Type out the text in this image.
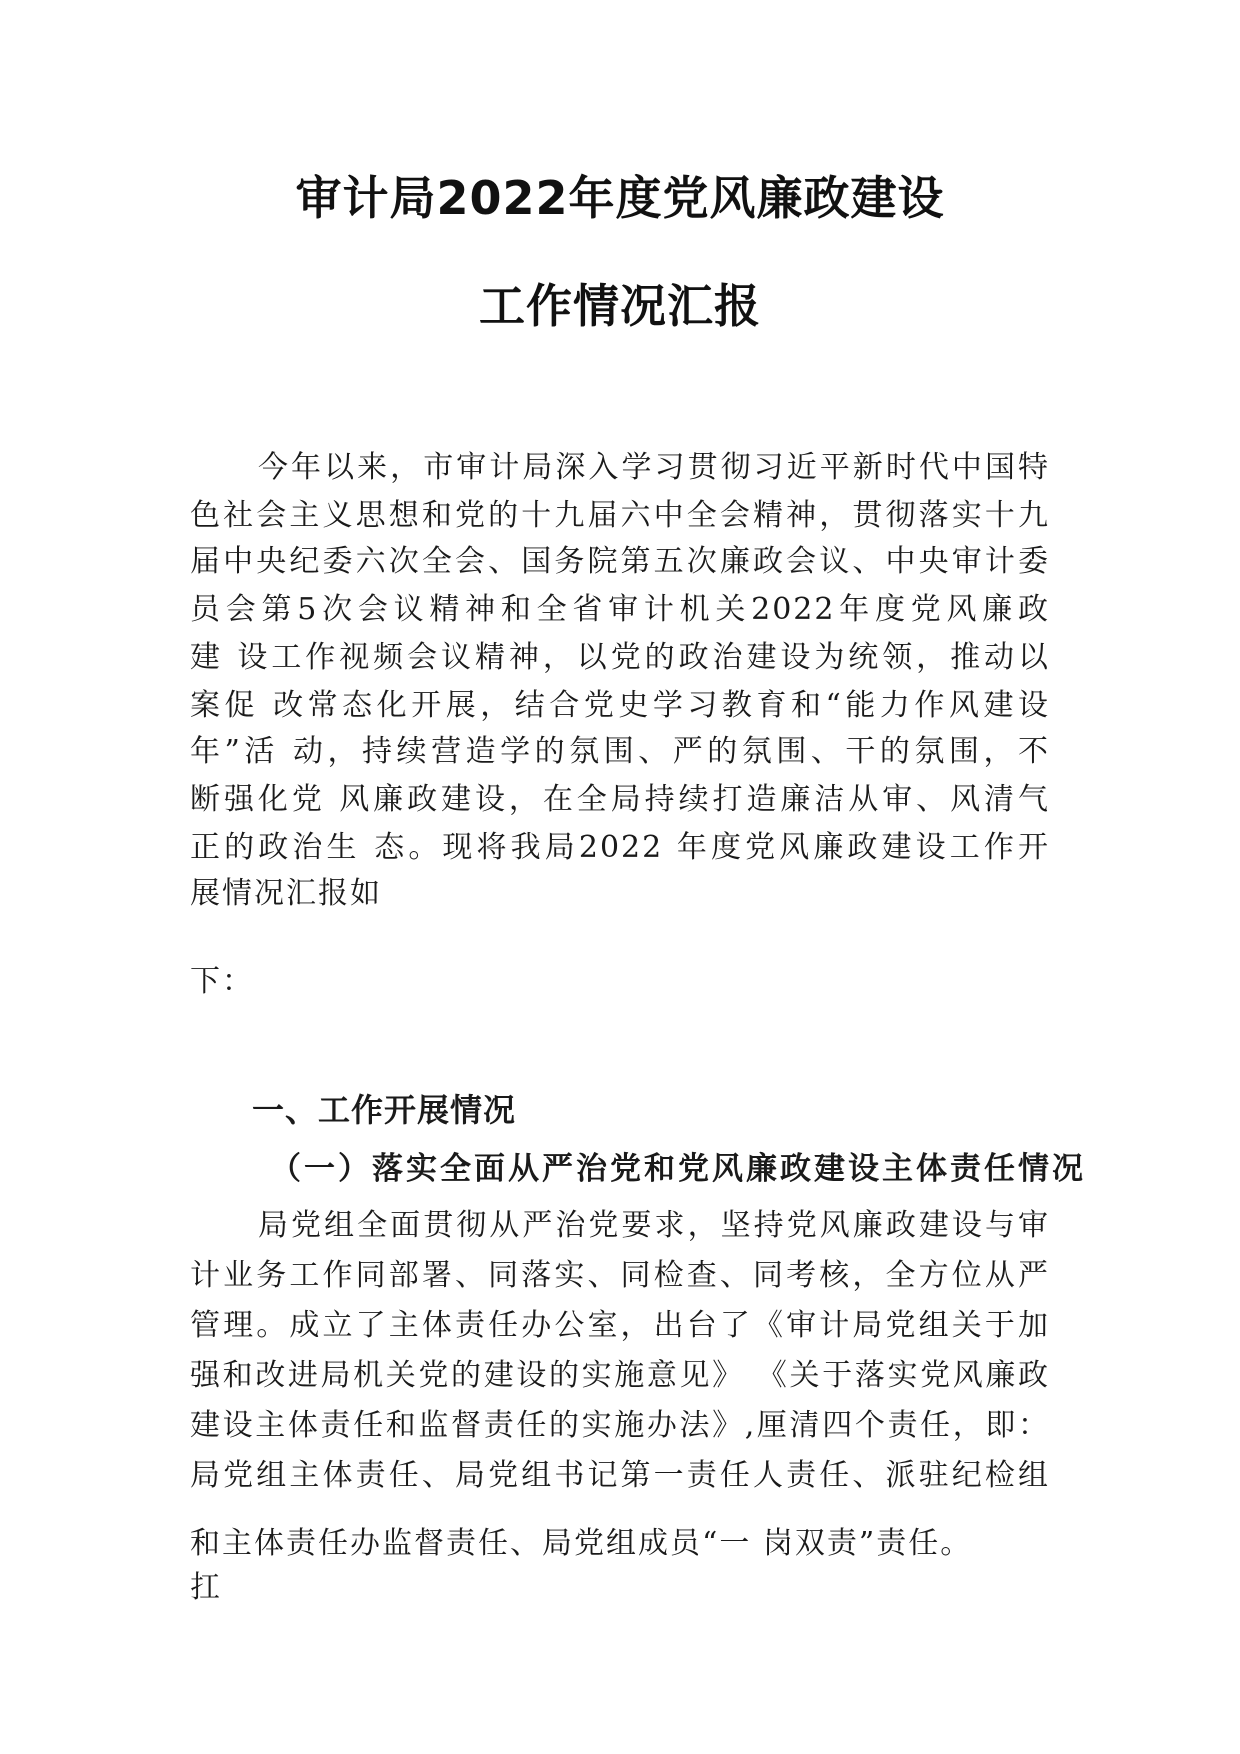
审计局2022年度党风廉政建设
工作情况汇报
今年以来，市审计局深入学习贯彻习近平新时代中国特
色社会主义思想和党的十九届六中全会精神，贯彻落实十九
届中央纪委六次全会、国务院第五次廉政会议、中央审计委
员会第5次会议精神和全省审计机关2022年度党风廉政
建 设工作视频会议精神，以党的政治建设为统领，推动以
案促 改常态化开展，结合党史学习教育和“能力作风建设
年”活 动，持续营造学的氛围、严的氛围、干的氛围，不
断强化党 风廉政建设，在全局持续打造廉洁从审、风清气
正的政治生 态。现将我局2022 年度党风廉政建设工作开
展情况汇报如
下：
一、工作开展情况
（一）落实全面从严治党和党风廉政建设主体责任情况
局党组全面贯彻从严治党要求，坚持党风廉政建设与审
计业务工作同部署、同落实、同检查、同考核，全方位从严
管理。成立了主体责任办公室，出台了《审计局党组关于加
强和改进局机关党的建设的实施意见》 《关于落实党风廉政
建设主体责任和监督责任的实施办法》,厘清四个责任，即：
局党组主体责任、局党组书记第一责任人责任、派驻纪检组
和主体责任办监督责任、局党组成员“一 岗双责”责任。
扛
